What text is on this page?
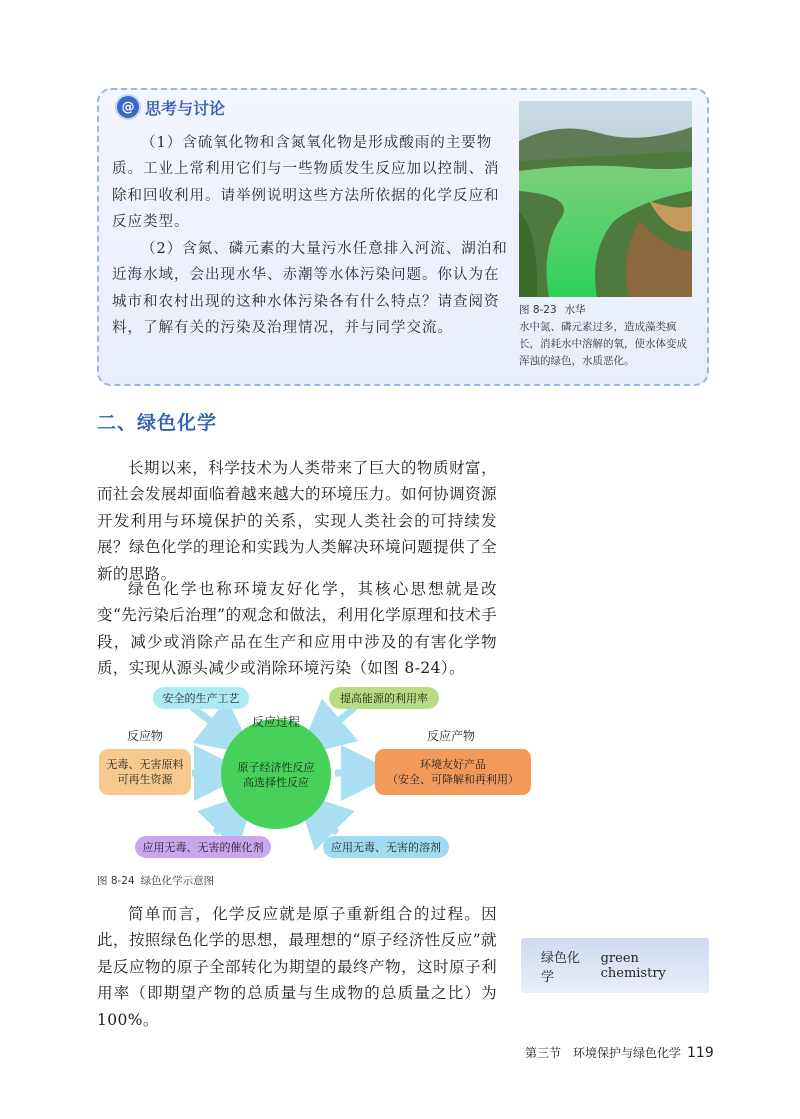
@ 思考与讨论

（1）含硫氧化物和含氮氧化物是形成酸雨的主要物质。工业上常利用它们与一些物质发生反应加以控制、消除和回收利用。请举例说明这些方法所依据的化学反应和反应类型。

（2）含氮、磷元素的大量污水任意排入河流、湖泊和近海水域，会出现水华、赤潮等水体污染问题。你认为在城市和农村出现的这种水体污染各有什么特点？请查阅资料，了解有关的污染及治理情况，并与同学交流。

图 8-23 水华
水中氮、磷元素过多，造成藻类疯长，消耗水中溶解的氧，使水体变成浑浊的绿色，水质恶化。
二、绿色化学

长期以来，科学技术为人类带来了巨大的物质财富，而社会发展却面临着越来越大的环境压力。如何协调资源开发利用与环境保护的关系，实现人类社会的可持续发展？绿色化学的理论和实践为人类解决环境问题提供了全新的思路。

绿色化学也称环境友好化学，其核心思想就是改变“先污染后治理”的观念和做法，利用化学原理和技术手段，减少或消除产品在生产和应用中涉及的有害化学物质，实现从源头减少或消除环境污染（如图 8-24）。

安全的生产工艺	提高能源的利用率
反应过程
反应物	反应产物
无毒、无害原料
可再生资源
原子经济性反应
高选择性反应
环境友好产品
（安全、可降解和再利用）
应用无毒、无害的催化剂	应用无毒、无害的溶剂
图 8-24 绿色化学示意图

简单而言，化学反应就是原子重新组合的过程。因此，按照绿色化学的思想，最理想的“原子经济性反应”就是反应物的原子全部转化为期望的最终产物，这时原子利用率（即期望产物的总质量与生成物的总质量之比）为100%。

绿色化学
green chemistry
第三节　环境保护与绿色化学 119
